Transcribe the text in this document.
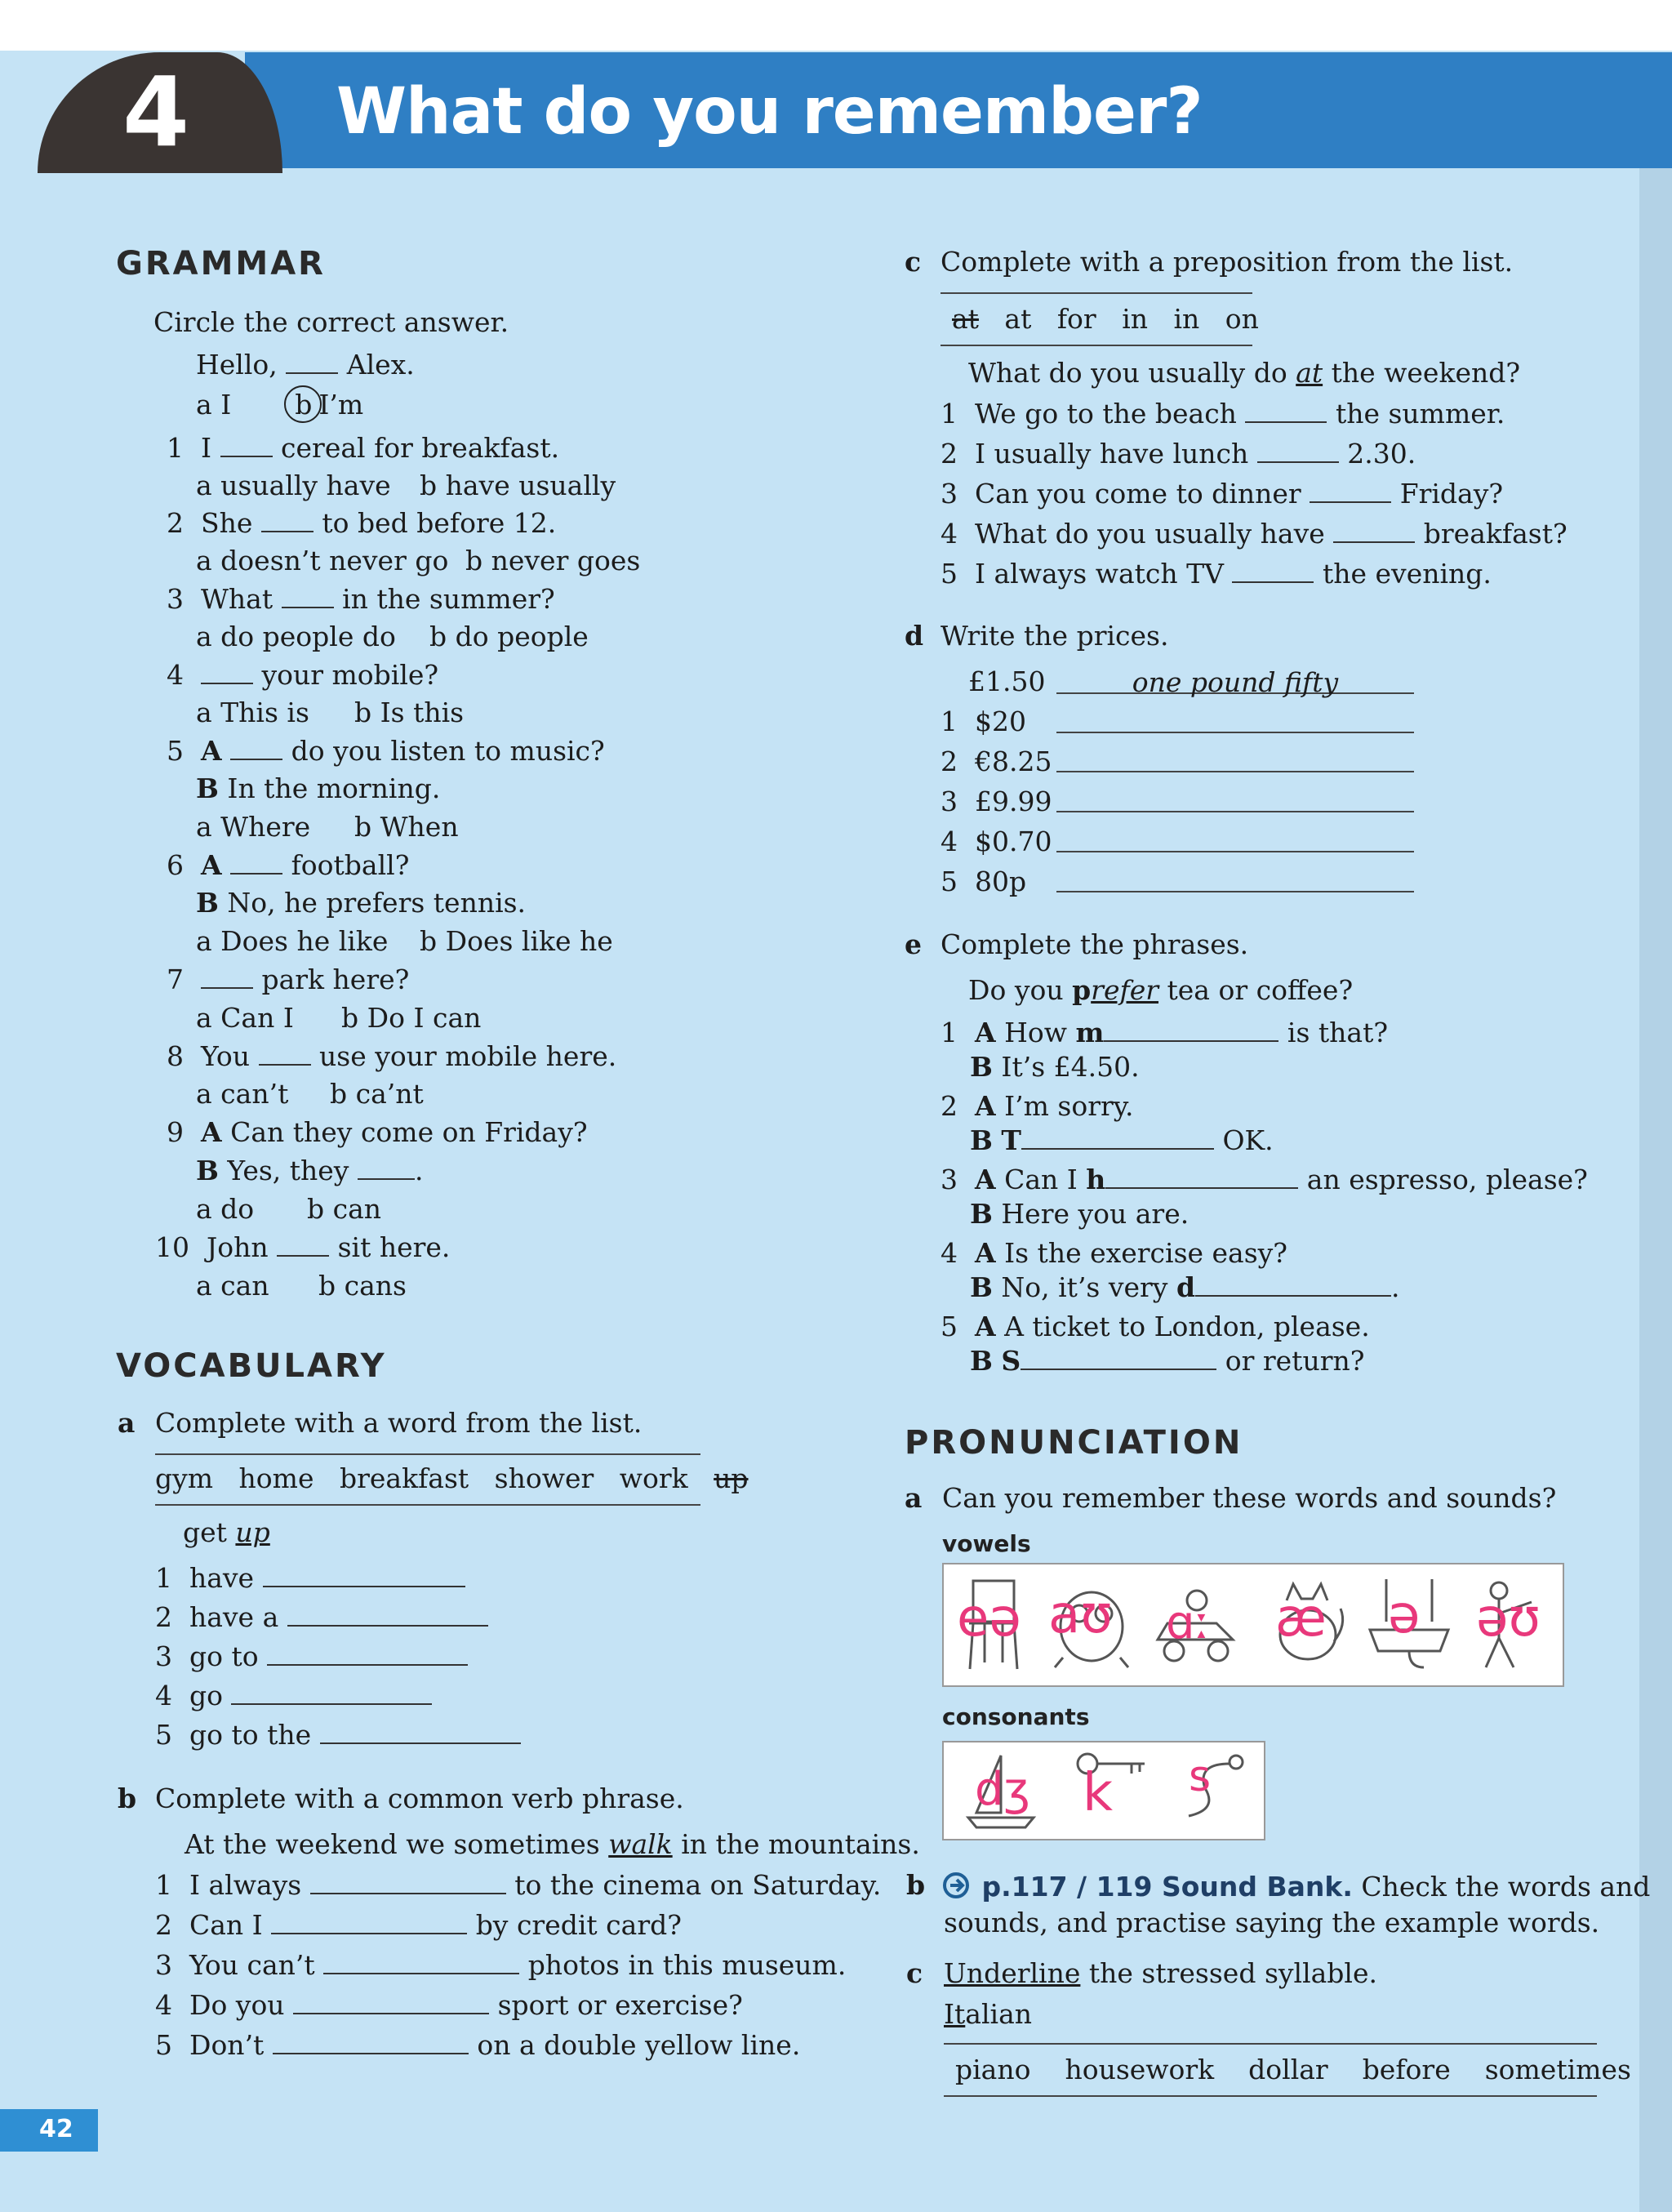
4 What do you remember?
GRAMMAR
Circle the correct answer.
Hello,	Alex.
a I b I’m
1 I	cereal for breakfast.
a usually have b have usually
2 She	to bed before 12.
a doesn’t never go b never goes
3 What	in the summer?
a do people do b do people
4	your mobile?
a This is b Is this
5 A	do you listen to music?
B In the morning.
a Where b When
6 A	football?
B No, he prefers tennis.
a Does he like b Does like he
7	park here?
a Can I b Do I can
8 You	use your mobile here.
a can’t b ca’nt
9 A Can they come on Friday?
B Yes, they .
a do b can
10 John	sit here.
a can b cans
VOCABULARY
a Complete with a word from the list.
gym home breakfast shower work up
get up
1 have
2 have a
3 go to
4 go
5 go to the
b Complete with a common verb phrase.
At the weekend we sometimes walk in the mountains.
1 I always	to the cinema on Saturday.
2 Can I	by credit card?
3 You can’t	photos in this museum.
4 Do you	sport or exercise?
5 Don’t	on a double yellow line.
c Complete with a preposition from the list.
at at for in in on
What do you usually do at the weekend?
1 We go to the beach	the summer.
2 I usually have lunch	2.30.
3 Can you come to dinner	Friday?
4 What do you usually have	breakfast?
5 I always watch TV	the evening.
d Write the prices.
£1.50	one pound fifty
1 $20
2 €8.25
3 £9.99
4 $0.70
5 80p
e Complete the phrases.
Do you prefer tea or coffee?
1 A How m	is that?
B It’s £4.50.
2 A I’m sorry.
B T	OK.
3 A Can I h	an espresso, please?
B Here you are.
4 A Is the exercise easy?
B No, it’s very d	.
5 A A ticket to London, please.
B S	or return?
PRONUNCIATION
a Can you remember these words and sounds?
vowels
eə aʊ ɑː æ ə əʊ
consonants
dʒ k s
b	p.117 / 119 Sound Bank. Check the words and
sounds, and practise saying the example words.
c Underline the stressed syllable.
Italian
piano housework dollar before sometimes
42
